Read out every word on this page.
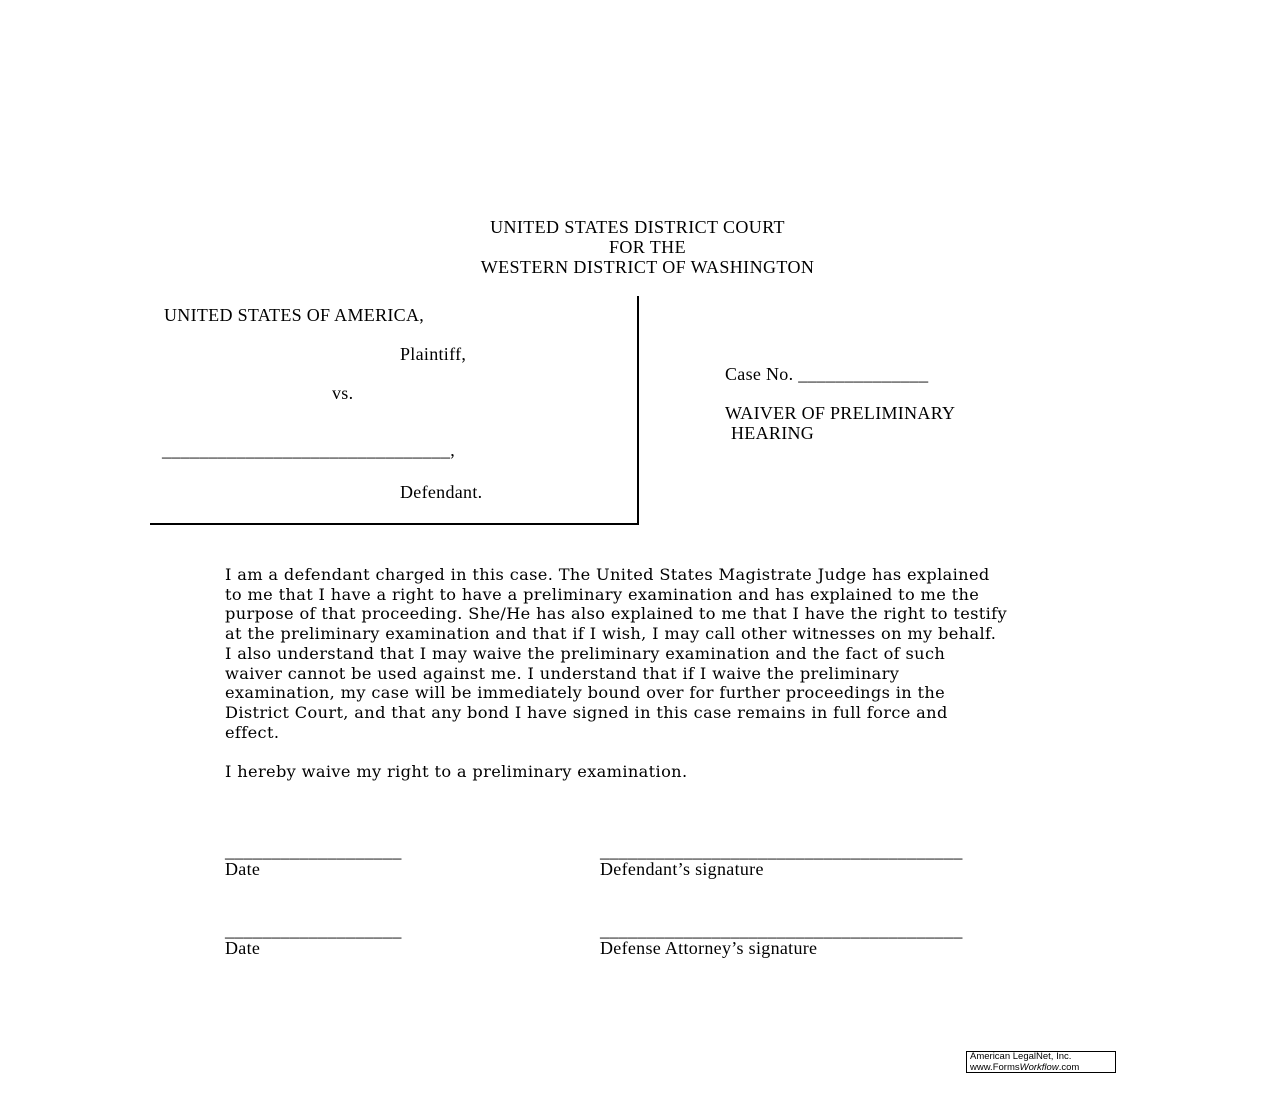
UNITED STATES DISTRICT COURT
FOR THE
WESTERN DISTRICT OF WASHINGTON
UNITED STATES OF AMERICA,
Plaintiff,
vs.
_______________________________,
Defendant.
Case No. ______________
WAIVER OF PRELIMINARY
HEARING

I am a defendant charged in this case. The United States Magistrate Judge has explained
to me that I have a right to have a preliminary examination and has explained to me the
purpose of that proceeding. She/He has also explained to me that I have the right to testify
at the preliminary examination and that if I wish, I may call other witnesses on my behalf.
I also understand that I may waive the preliminary examination and the fact of such
waiver cannot be used against me. I understand that if I waive the preliminary
examination, my case will be immediately bound over for further proceedings in the
District Court, and that any bond I have signed in this case remains in full force and
effect.

I hereby waive my right to a preliminary examination.

___________________	_______________________________________
Date	Defendant’s signature
___________________	_______________________________________
Date	Defense Attorney’s signature
American LegalNet, Inc.
www.FormsWorkflow.com
